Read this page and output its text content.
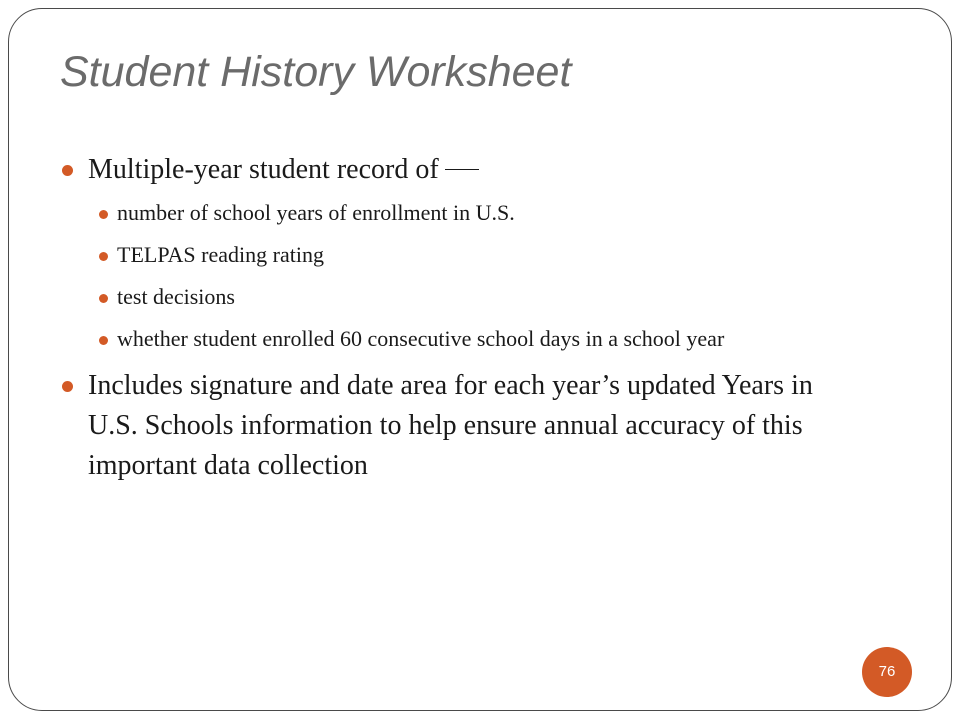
Student History Worksheet
Multiple-year student record of
number of school years of enrollment in U.S.
TELPAS reading rating
test decisions
whether student enrolled 60 consecutive school days in a school year
Includes signature and date area for each year’s updated Years in U.S. Schools information to help ensure annual accuracy of this important data collection
76
